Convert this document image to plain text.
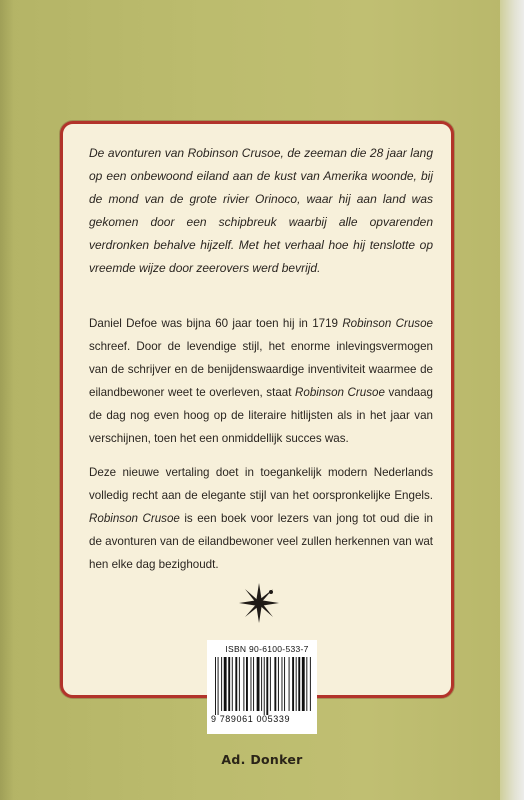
De avonturen van Robinson Crusoe, de zeeman die 28 jaar lang op een onbewoond eiland aan de kust van Amerika woonde, bij de mond van de grote rivier Orinoco, waar hij aan land was gekomen door een schipbreuk waarbij alle opvarenden verdronken behalve hijzelf. Met het verhaal hoe hij tenslotte op vreemde wijze door zeerovers werd bevrijd.

Daniel Defoe was bijna 60 jaar toen hij in 1719 Robinson Crusoe schreef. Door de levendige stijl, het enorme inlevingsvermogen van de schrijver en de benijdenswaardige inventiviteit waarmee de eilandbewoner weet te overleven, staat Robinson Crusoe vandaag de dag nog even hoog op de literaire hitlijsten als in het jaar van verschijnen, toen het een onmiddellijk succes was.

Deze nieuwe vertaling doet in toegankelijk modern Nederlands volledig recht aan de elegante stijl van het oorspronkelijke Engels. Robinson Crusoe is een boek voor lezers van jong tot oud die in de avonturen van de eilandbewoner veel zullen herkennen van wat hen elke dag bezighoudt.

ISBN 90-6100-533-7
9 789061 005339
Ad. Donker
